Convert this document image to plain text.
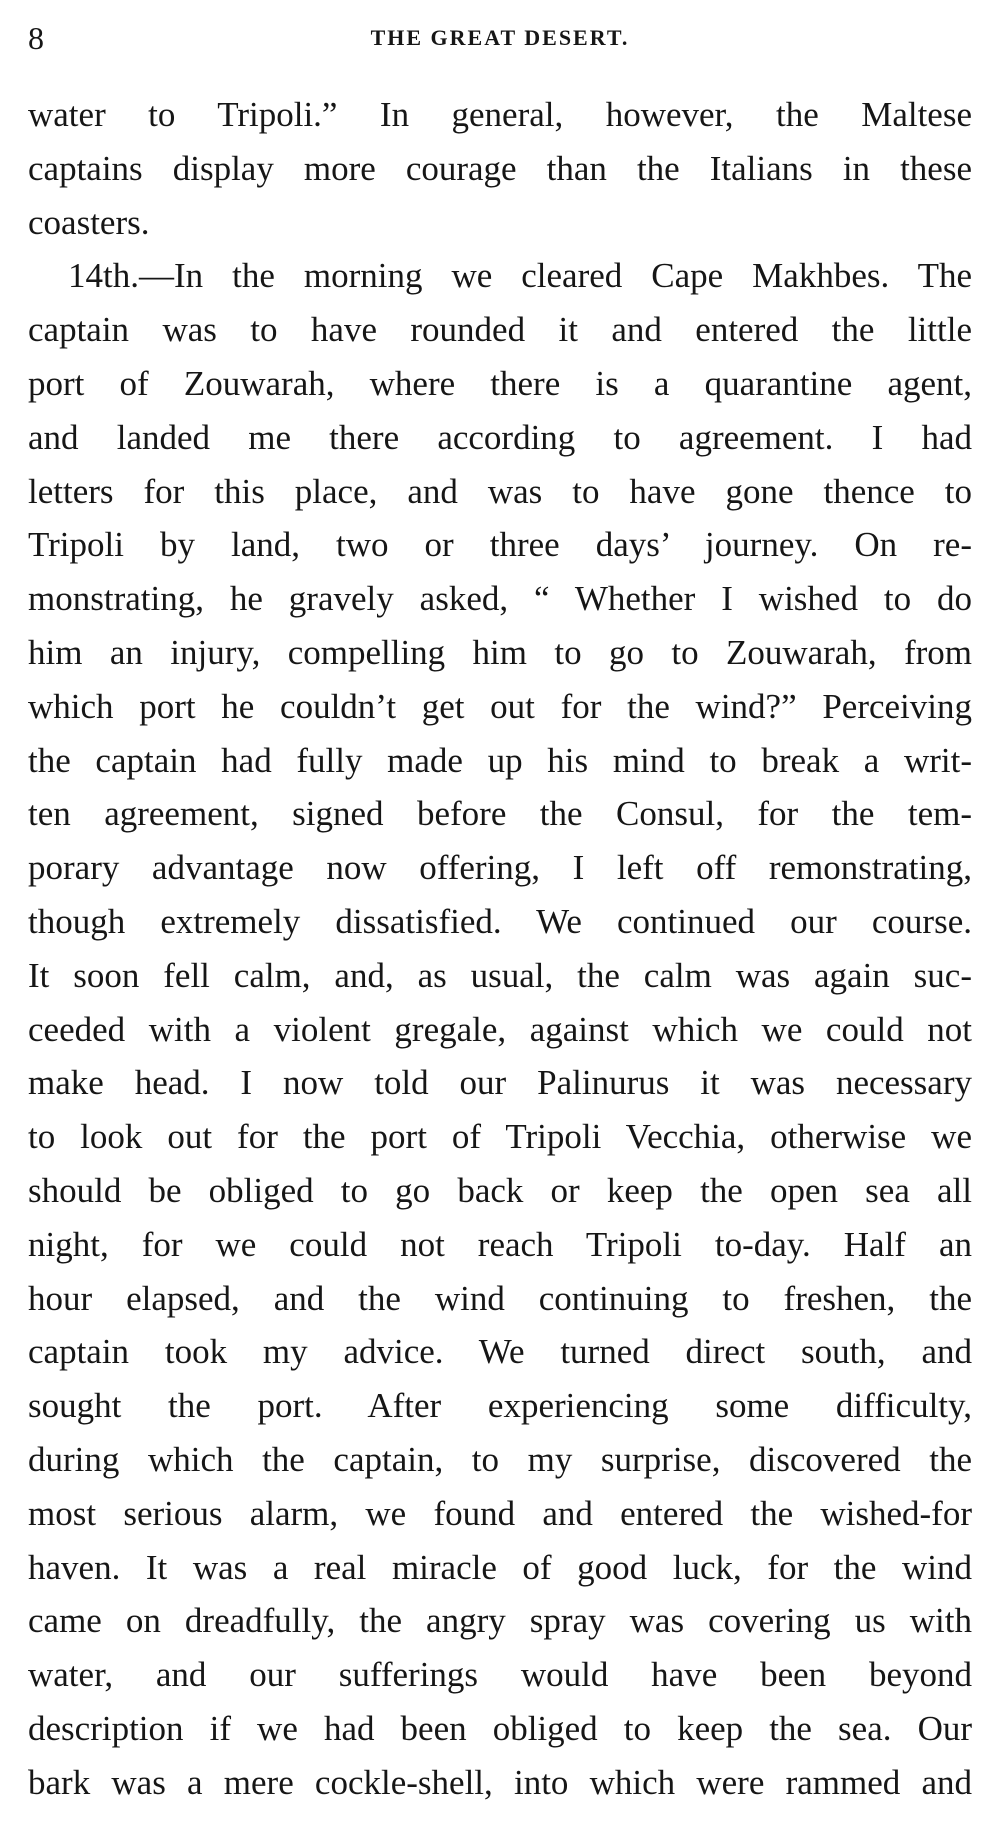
8	THE GREAT DESERT.
water to Tripoli.” In general, however, the Maltese
captains display more courage than the Italians in these
coasters.
14th.—In the morning we cleared Cape Makhbes. The
captain was to have rounded it and entered the little
port of Zouwarah, where there is a quarantine agent,
and landed me there according to agreement. I had
letters for this place, and was to have gone thence to
Tripoli by land, two or three days’ journey. On re-
monstrating, he gravely asked, “ Whether I wished to do
him an injury, compelling him to go to Zouwarah, from
which port he couldn’t get out for the wind?” Perceiving
the captain had fully made up his mind to break a writ-
ten agreement, signed before the Consul, for the tem-
porary advantage now offering, I left off remonstrating,
though extremely dissatisfied. We continued our course.
It soon fell calm, and, as usual, the calm was again suc-
ceeded with a violent gregale, against which we could not
make head. I now told our Palinurus it was necessary
to look out for the port of Tripoli Vecchia, otherwise we
should be obliged to go back or keep the open sea all
night, for we could not reach Tripoli to-day. Half an
hour elapsed, and the wind continuing to freshen, the
captain took my advice. We turned direct south, and
sought the port. After experiencing some difficulty,
during which the captain, to my surprise, discovered the
most serious alarm, we found and entered the wished-for
haven. It was a real miracle of good luck, for the wind
came on dreadfully, the angry spray was covering us with
water, and our sufferings would have been beyond
description if we had been obliged to keep the sea. Our
bark was a mere cockle-shell, into which were rammed and
